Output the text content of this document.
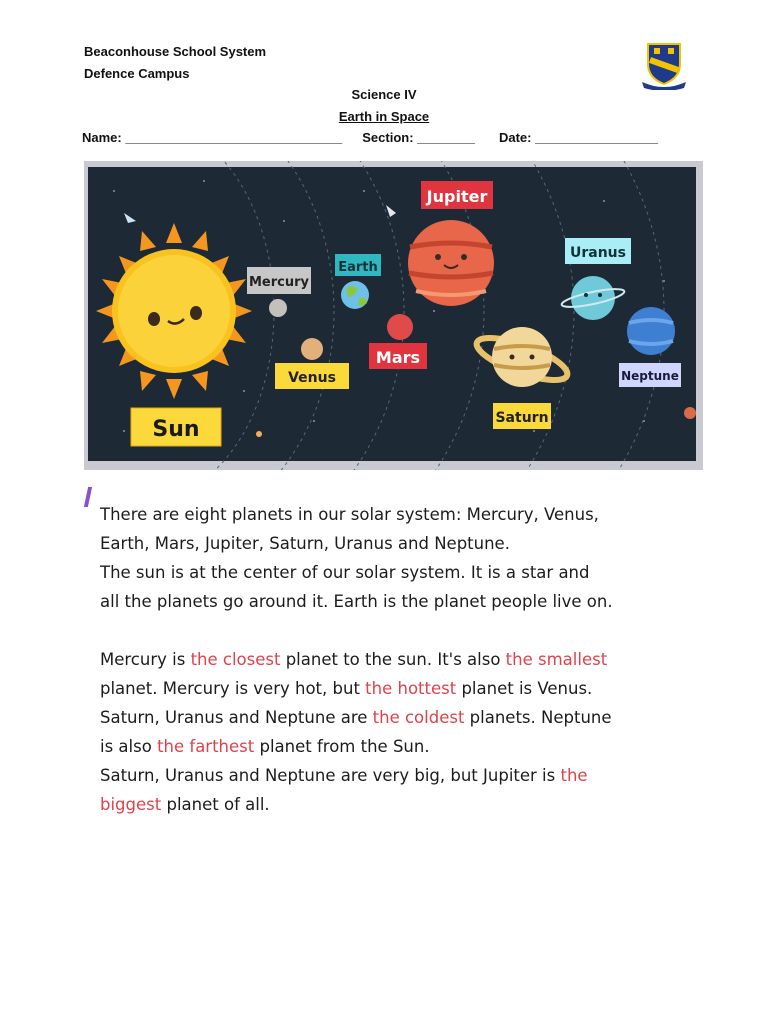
Beaconhouse School System
Defence Campus
Science IV
Earth in Space
Name: ______________________________ Section: ________ Date: _________________
Sun
Mercury
Venus
Earth
Mars
Jupiter
Saturn
Uranus
Neptune

There are eight planets in our solar system: Mercury, Venus,

Earth, Mars, Jupiter, Saturn, Uranus and Neptune.

The sun is at the center of our solar system. It is a star and

all the planets go around it. Earth is the planet people live on.

Mercury is the closest planet to the sun. It's also the smallest

planet. Mercury is very hot, but the hottest planet is Venus.

Saturn, Uranus and Neptune are the coldest planets. Neptune

is also the farthest planet from the Sun.

Saturn, Uranus and Neptune are very big, but Jupiter is the

biggest planet of all.
